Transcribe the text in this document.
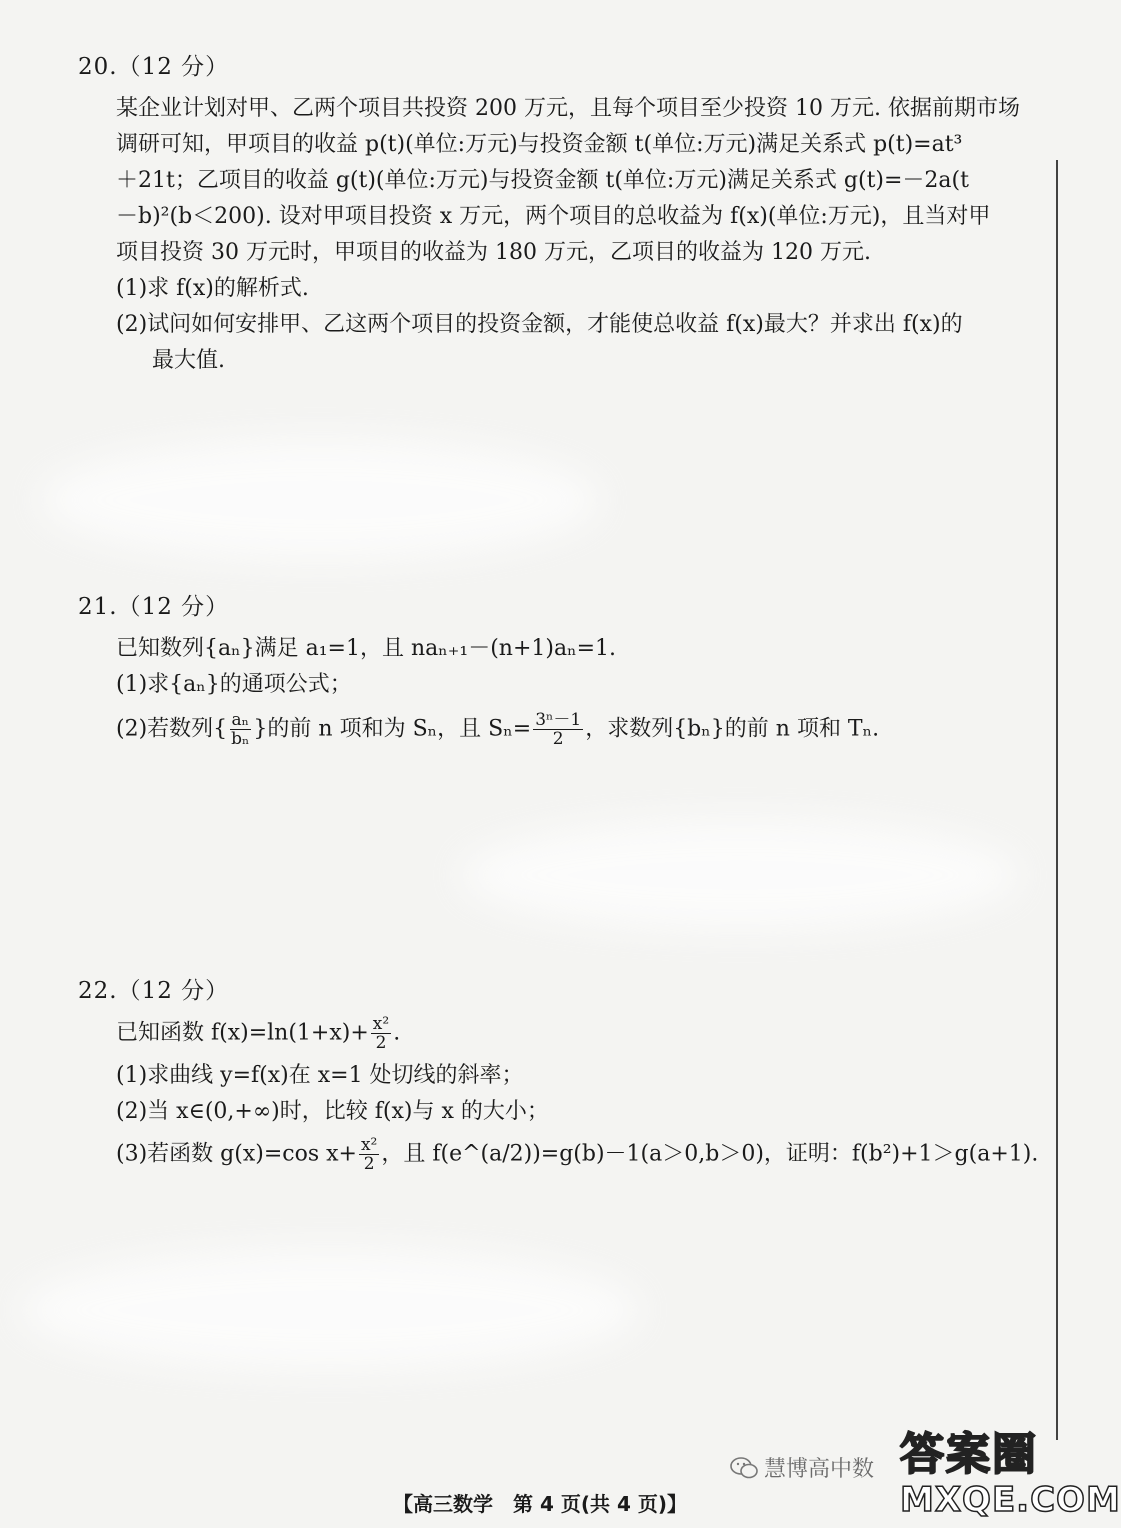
20.（12 分）
某企业计划对甲、乙两个项目共投资 200 万元，且每个项目至少投资 10 万元. 依据前期市场
调研可知，甲项目的收益 p(t)(单位:万元)与投资金额 t(单位:万元)满足关系式 p(t)=at³
＋21t；乙项目的收益 g(t)(单位:万元)与投资金额 t(单位:万元)满足关系式 g(t)=－2a(t
－b)²(b＜200). 设对甲项目投资 x 万元，两个项目的总收益为 f(x)(单位:万元)，且当对甲
项目投资 30 万元时，甲项目的收益为 180 万元，乙项目的收益为 120 万元.
(1)求 f(x)的解析式.
(2)试问如何安排甲、乙这两个项目的投资金额，才能使总收益 f(x)最大？并求出 f(x)的
最大值.
21.（12 分）
已知数列{aₙ}满足 a₁=1，且 naₙ₊₁－(n+1)aₙ=1.
(1)求{aₙ}的通项公式；
(2)若数列{ $\frac{\text{aₙ}}{\text{bₙ}}$ }的前 n 项和为 Sₙ，且 $S_n= \frac{\text{3ⁿ－1}}{2}$ ，求数列{bₙ}的前 n 项和 Tₙ.
22.（12 分）
已知函数 $f(x)=\ln(1+x)+ \frac{\text{x²}}{2}$ .
(1)求曲线 y=f(x)在 x=1 处切线的斜率；
(2)当 x∈(0,+∞)时，比较 f(x)与 x 的大小；
(3)若函数 g(x)=cos $x+ \frac{\text{x²}}{2}$ ，且 f(e^(a/2))=g(b)－1(a＞0,b＞0)，证明：f(b²)+1＞g(a+1).
慧博高中数 答案圈
MXQE.COM
【高三数学　第 4 页(共 4 页)】
